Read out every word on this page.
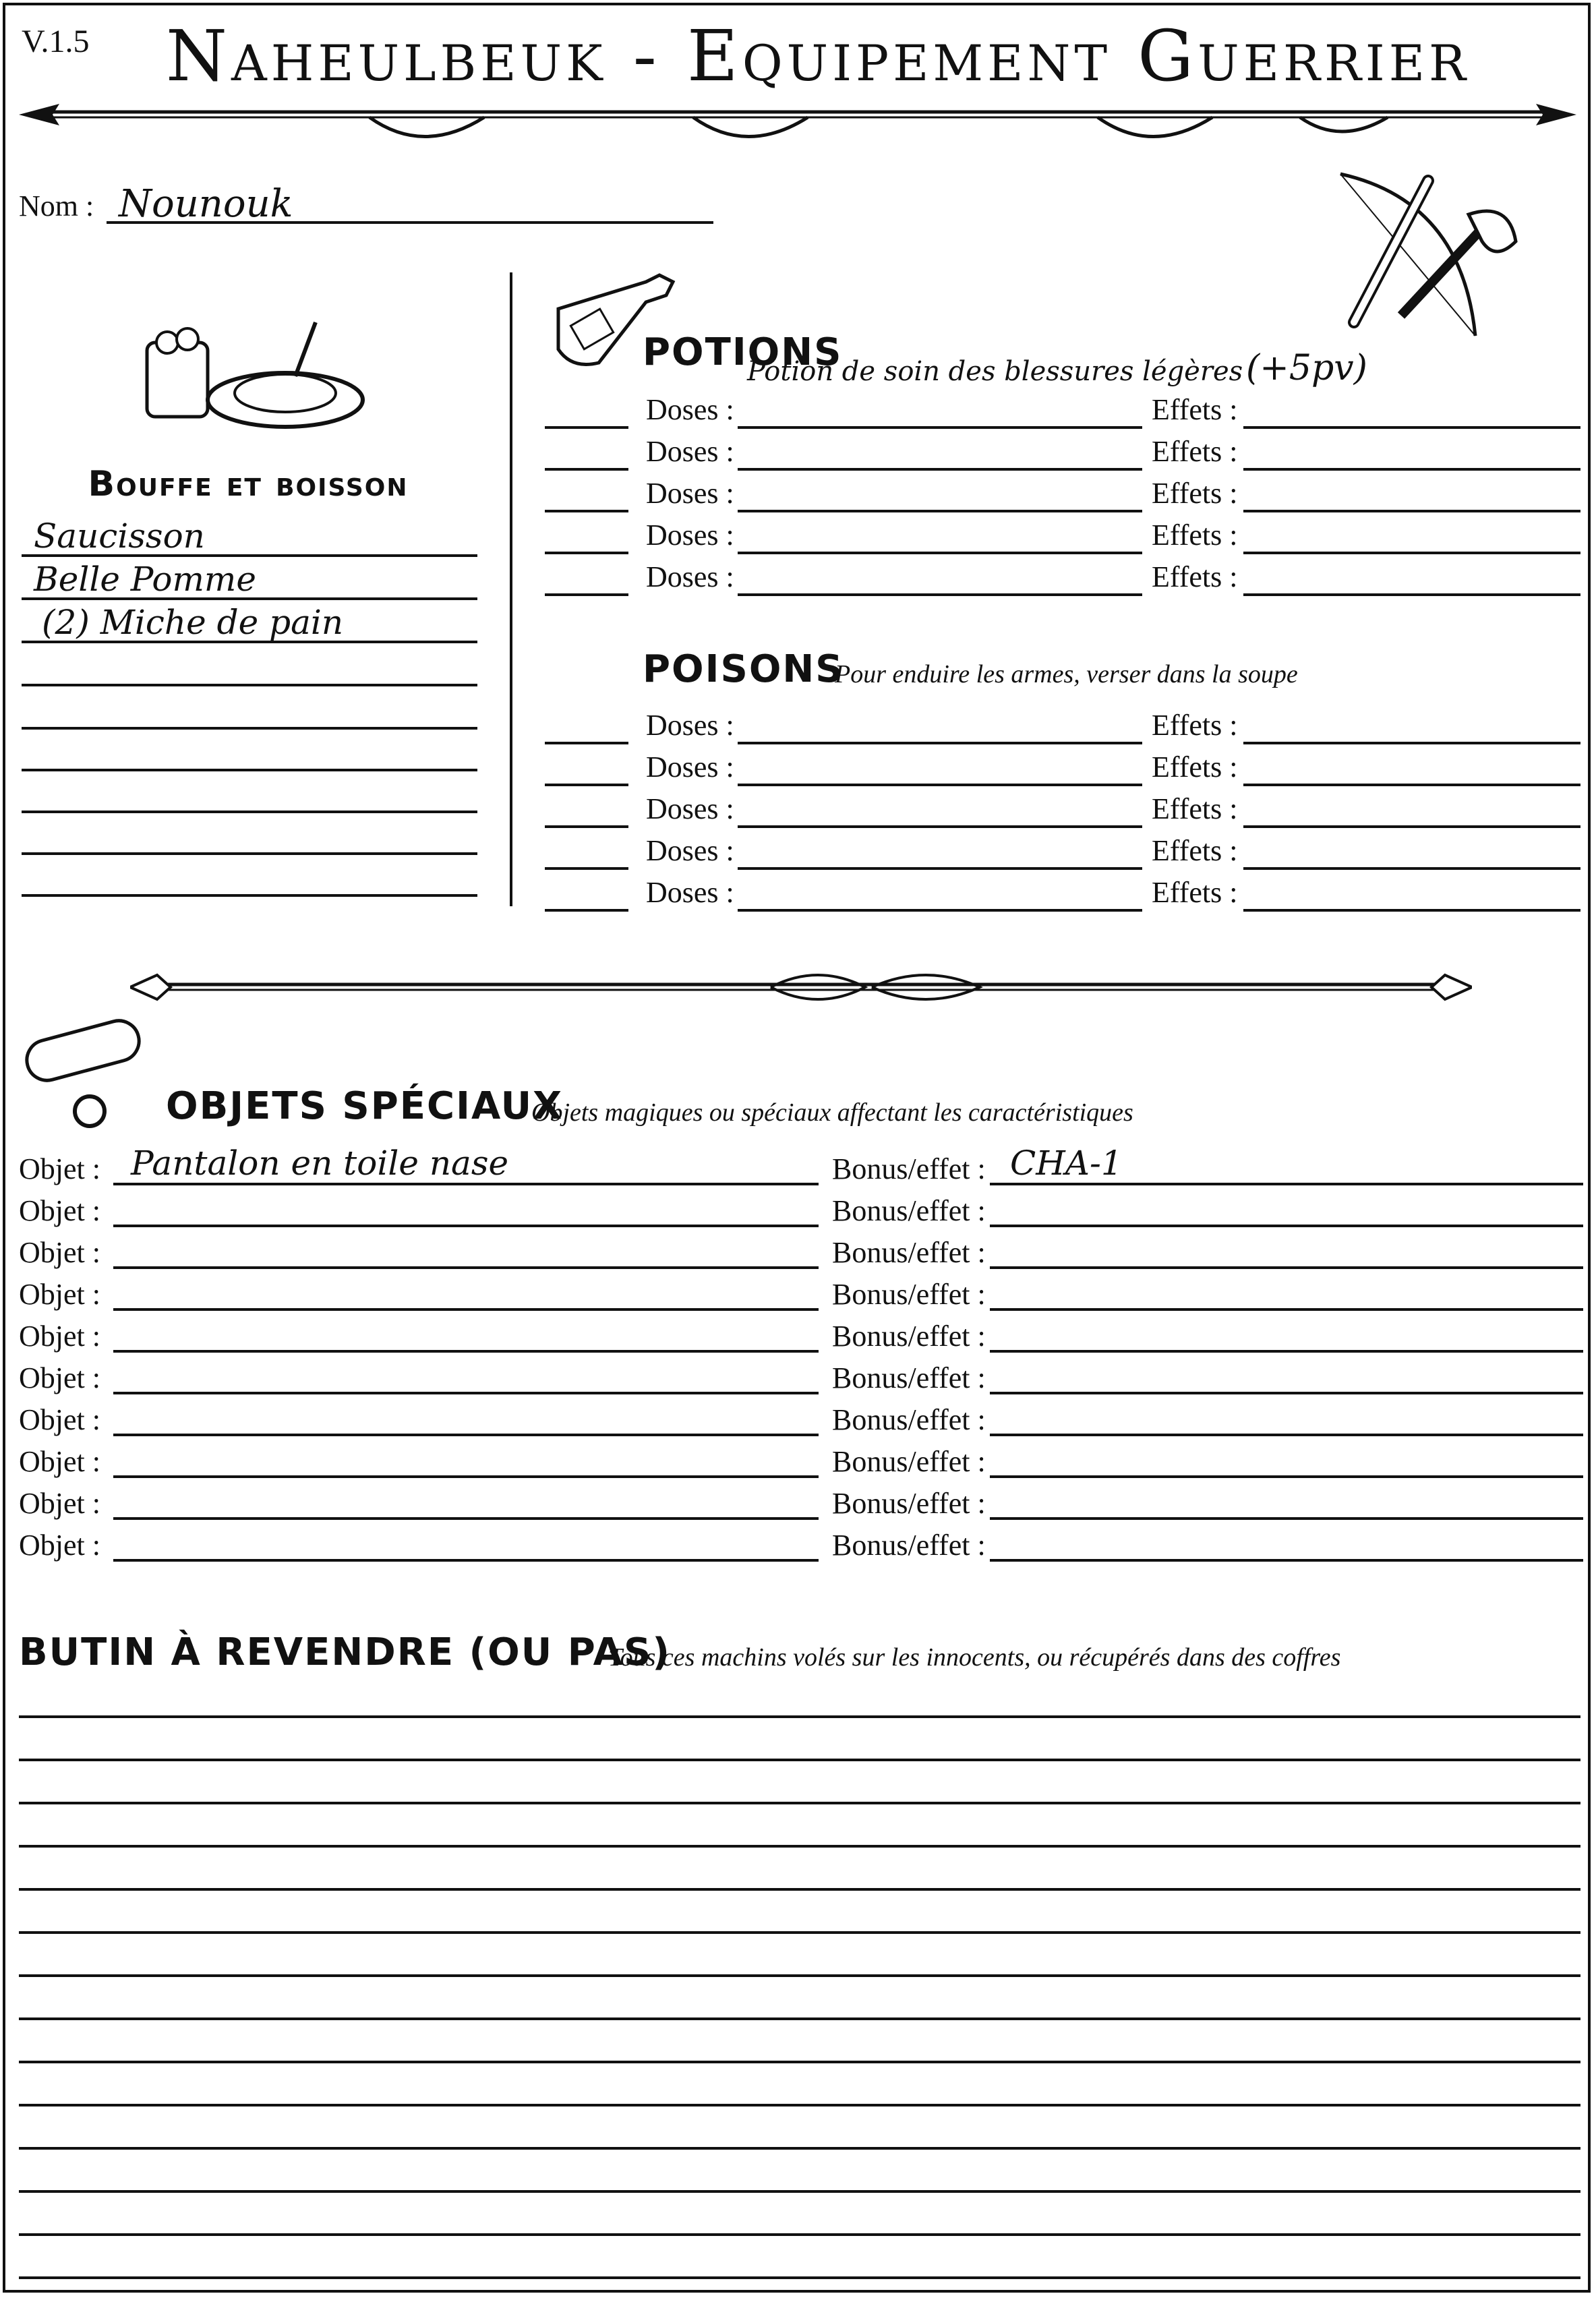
V.1.5 Naheulbeuk - Equipement Guerrier
Nom : Nounouk
Bouffe et boisson
Saucisson
Belle Pomme
(2) Miche de pain
POTIONS
Potion de soin des blessures légères (+5pv)
Doses :	Effets :
Doses :	Effets :
Doses :	Effets :
Doses :	Effets :
Doses :	Effets :
POISONS
Pour enduire les armes, verser dans la soupe
Doses :	Effets :
Doses :	Effets :
Doses :	Effets :
Doses :	Effets :
Doses :	Effets :
OBJETS SPÉCIAUX
Objets magiques ou spéciaux affectant les caractéristiques
Objet : Pantalon en toile nase	Bonus/effet : CHA-1
Objet :	Bonus/effet :
Objet :	Bonus/effet :
Objet :	Bonus/effet :
Objet :	Bonus/effet :
Objet :	Bonus/effet :
Objet :	Bonus/effet :
Objet :	Bonus/effet :
Objet :	Bonus/effet :
Objet :	Bonus/effet :
BUTIN À REVENDRE (OU PAS)
Tous ces machins volés sur les innocents, ou récupérés dans des coffres
